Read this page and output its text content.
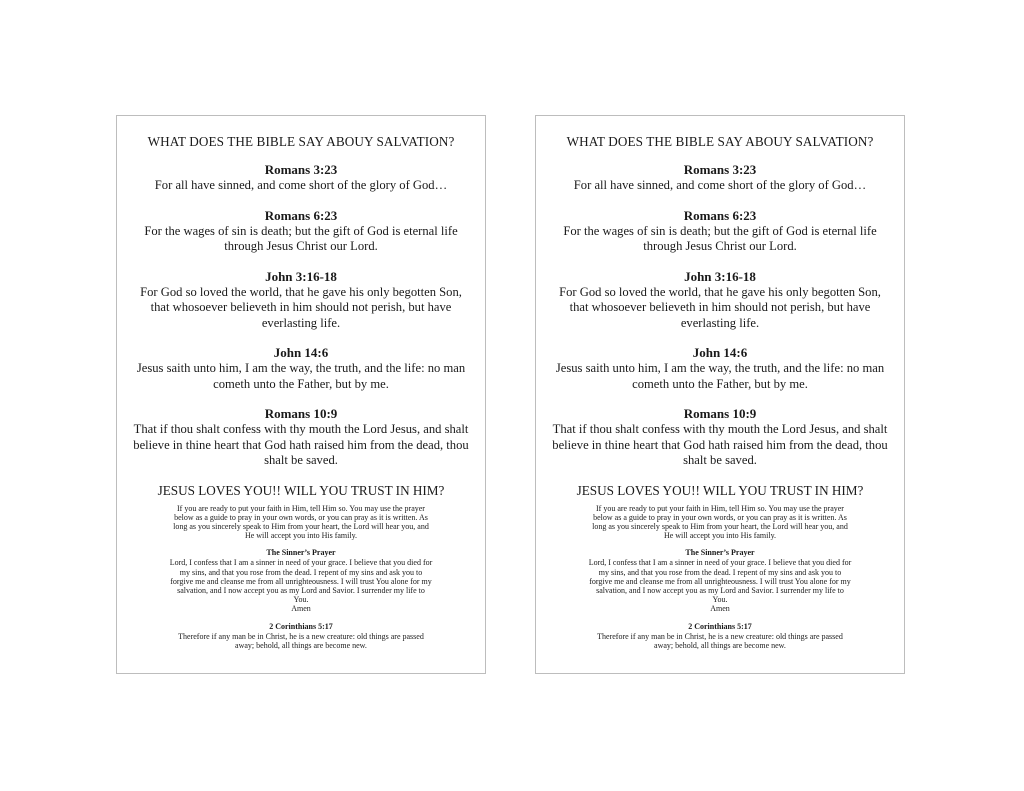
WHAT DOES THE BIBLE SAY ABOUY SALVATION?

Romans 3:23

For all have sinned, and come short of the glory of God…

Romans 6:23

For the wages of sin is death; but the gift of God is eternal life through Jesus Christ our Lord.

John 3:16-18

For God so loved the world, that he gave his only begotten Son, that whosoever believeth in him should not perish, but have everlasting life.

John 14:6

Jesus saith unto him, I am the way, the truth, and the life: no man cometh unto the Father, but by me.

Romans 10:9

That if thou shalt confess with thy mouth the Lord Jesus, and shalt believe in thine heart that God hath raised him from the dead, thou shalt be saved.

JESUS LOVES YOU!! WILL YOU TRUST IN HIM?

If you are ready to put your faith in Him, tell Him so. You may use the prayer below as a guide to pray in your own words, or you can pray as it is written. As long as you sincerely speak to Him from your heart, the Lord will hear you, and He will accept you into His family.

The Sinner’s Prayer

Lord, I confess that I am a sinner in need of your grace. I believe that you died for my sins, and that you rose from the dead. I repent of my sins and ask you to forgive me and cleanse me from all unrighteousness. I will trust You alone for my salvation, and I now accept you as my Lord and Savior. I surrender my life to You.

Amen

2 Corinthians 5:17

Therefore if any man be in Christ, he is a new creature: old things are passed away; behold, all things are become new.

WHAT DOES THE BIBLE SAY ABOUY SALVATION?

Romans 3:23

For all have sinned, and come short of the glory of God…

Romans 6:23

For the wages of sin is death; but the gift of God is eternal life through Jesus Christ our Lord.

John 3:16-18

For God so loved the world, that he gave his only begotten Son, that whosoever believeth in him should not perish, but have everlasting life.

John 14:6

Jesus saith unto him, I am the way, the truth, and the life: no man cometh unto the Father, but by me.

Romans 10:9

That if thou shalt confess with thy mouth the Lord Jesus, and shalt believe in thine heart that God hath raised him from the dead, thou shalt be saved.

JESUS LOVES YOU!! WILL YOU TRUST IN HIM?

If you are ready to put your faith in Him, tell Him so. You may use the prayer below as a guide to pray in your own words, or you can pray as it is written. As long as you sincerely speak to Him from your heart, the Lord will hear you, and He will accept you into His family.

The Sinner’s Prayer

Lord, I confess that I am a sinner in need of your grace. I believe that you died for my sins, and that you rose from the dead. I repent of my sins and ask you to forgive me and cleanse me from all unrighteousness. I will trust You alone for my salvation, and I now accept you as my Lord and Savior. I surrender my life to You.

Amen

2 Corinthians 5:17

Therefore if any man be in Christ, he is a new creature: old things are passed away; behold, all things are become new.
